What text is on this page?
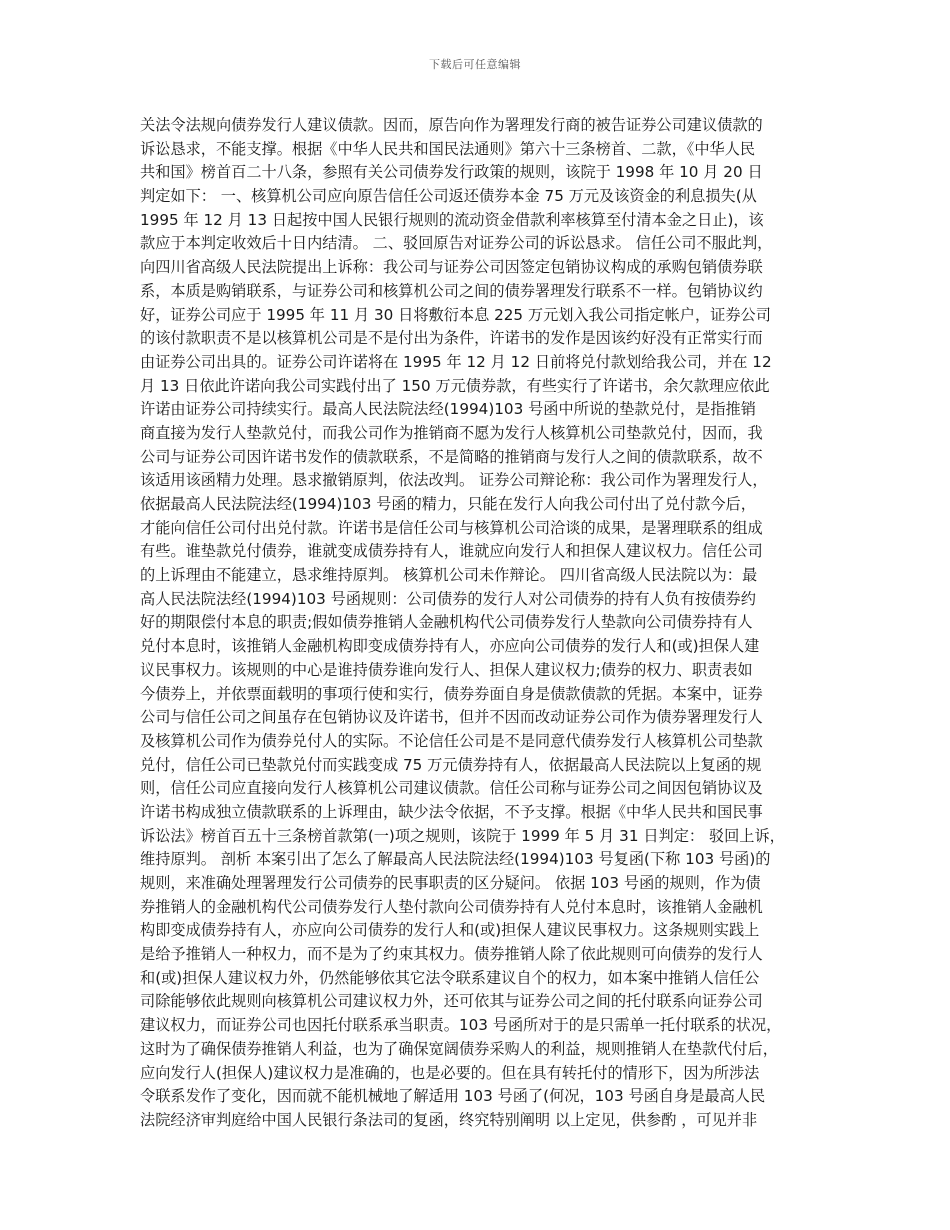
下载后可任意编辑
关法令法规向债券发行人建议债款。因而，原告向作为署理发行商的被告证券公司建议债款的
诉讼恳求，不能支撑。根据《中华人民共和国民法通则》第六十三条榜首、二款，《中华人民
共和国》榜首百二十八条，参照有关公司债券发行政策的规则，该院于 1998 年 10 月 20 日
判定如下： 一、核算机公司应向原告信任公司返还债券本金 75 万元及该资金的利息损失(从
1995 年 12 月 13 日起按中国人民银行规则的流动资金借款利率核算至付清本金之日止)，该
款应于本判定收效后十日内结清。 二、驳回原告对证券公司的诉讼恳求。 信任公司不服此判，
向四川省高级人民法院提出上诉称：我公司与证券公司因签定包销协议构成的承购包销债券联
系，本质是购销联系，与证券公司和核算机公司之间的债券署理发行联系不一样。包销协议约
好，证券公司应于 1995 年 11 月 30 日将敷衍本息 225 万元划入我公司指定帐户，证券公司
的该付款职责不是以核算机公司是不是付出为条件，许诺书的发作是因该约好没有正常实行而
由证券公司出具的。证券公司许诺将在 1995 年 12 月 12 日前将兑付款划给我公司，并在 12
月 13 日依此许诺向我公司实践付出了 150 万元债券款，有些实行了许诺书，余欠款理应依此
许诺由证券公司持续实行。最高人民法院法经(1994)103 号函中所说的垫款兑付，是指推销
商直接为发行人垫款兑付，而我公司作为推销商不愿为发行人核算机公司垫款兑付，因而，我
公司与证券公司因许诺书发作的债款联系，不是简略的推销商与发行人之间的债款联系，故不
该适用该函精力处理。恳求撤销原判，依法改判。 证券公司辩论称：我公司作为署理发行人，
依据最高人民法院法经(1994)103 号函的精力，只能在发行人向我公司付出了兑付款今后，
才能向信任公司付出兑付款。许诺书是信任公司与核算机公司洽谈的成果，是署理联系的组成
有些。谁垫款兑付债券，谁就变成债券持有人，谁就应向发行人和担保人建议权力。信任公司
的上诉理由不能建立，恳求维持原判。 核算机公司未作辩论。 四川省高级人民法院以为：最
高人民法院法经(1994)103 号函规则：公司债券的发行人对公司债券的持有人负有按债券约
好的期限偿付本息的职责;假如债券推销人金融机构代公司债券发行人垫款向公司债券持有人
兑付本息时，该推销人金融机构即变成债券持有人，亦应向公司债券的发行人和(或)担保人建
议民事权力。该规则的中心是谁持债券谁向发行人、担保人建议权力;债券的权力、职责表如
今债券上，并依票面载明的事项行使和实行，债券券面自身是债款债款的凭据。本案中，证券
公司与信任公司之间虽存在包销协议及许诺书，但并不因而改动证券公司作为债券署理发行人
及核算机公司作为债券兑付人的实际。不论信任公司是不是同意代债券发行人核算机公司垫款
兑付，信任公司已垫款兑付而实践变成 75 万元债券持有人，依据最高人民法院以上复函的规
则，信任公司应直接向发行人核算机公司建议债款。信任公司称与证券公司之间因包销协议及
许诺书构成独立债款联系的上诉理由，缺少法令依据，不予支撑。根据《中华人民共和国民事
诉讼法》榜首百五十三条榜首款第(一)项之规则，该院于 1999 年 5 月 31 日判定： 驳回上诉，
维持原判。 剖析 本案引出了怎么了解最高人民法院法经(1994)103 号复函(下称 103 号函)的
规则，来准确处理署理发行公司债券的民事职责的区分疑问。 依据 103 号函的规则，作为债
券推销人的金融机构代公司债券发行人垫付款向公司债券持有人兑付本息时，该推销人金融机
构即变成债券持有人，亦应向公司债券的发行人和(或)担保人建议民事权力。这条规则实践上
是给予推销人一种权力，而不是为了约束其权力。债券推销人除了依此规则可向债券的发行人
和(或)担保人建议权力外，仍然能够依其它法令联系建议自个的权力，如本案中推销人信任公
司除能够依此规则向核算机公司建议权力外，还可依其与证券公司之间的托付联系向证券公司
建议权力，而证券公司也因托付联系承当职责。103 号函所对于的是只需单一托付联系的状况，
这时为了确保债券推销人利益，也为了确保宽阔债券采购人的利益，规则推销人在垫款代付后，
应向发行人(担保人)建议权力是准确的，也是必要的。但在具有转托付的情形下，因为所涉法
令联系发作了变化，因而就不能机械地了解适用 103 号函了(何况，103 号函自身是最高人民
法院经济审判庭给中国人民银行条法司的复函，终究特别阐明 以上定见，供参酌 ，可见并非
